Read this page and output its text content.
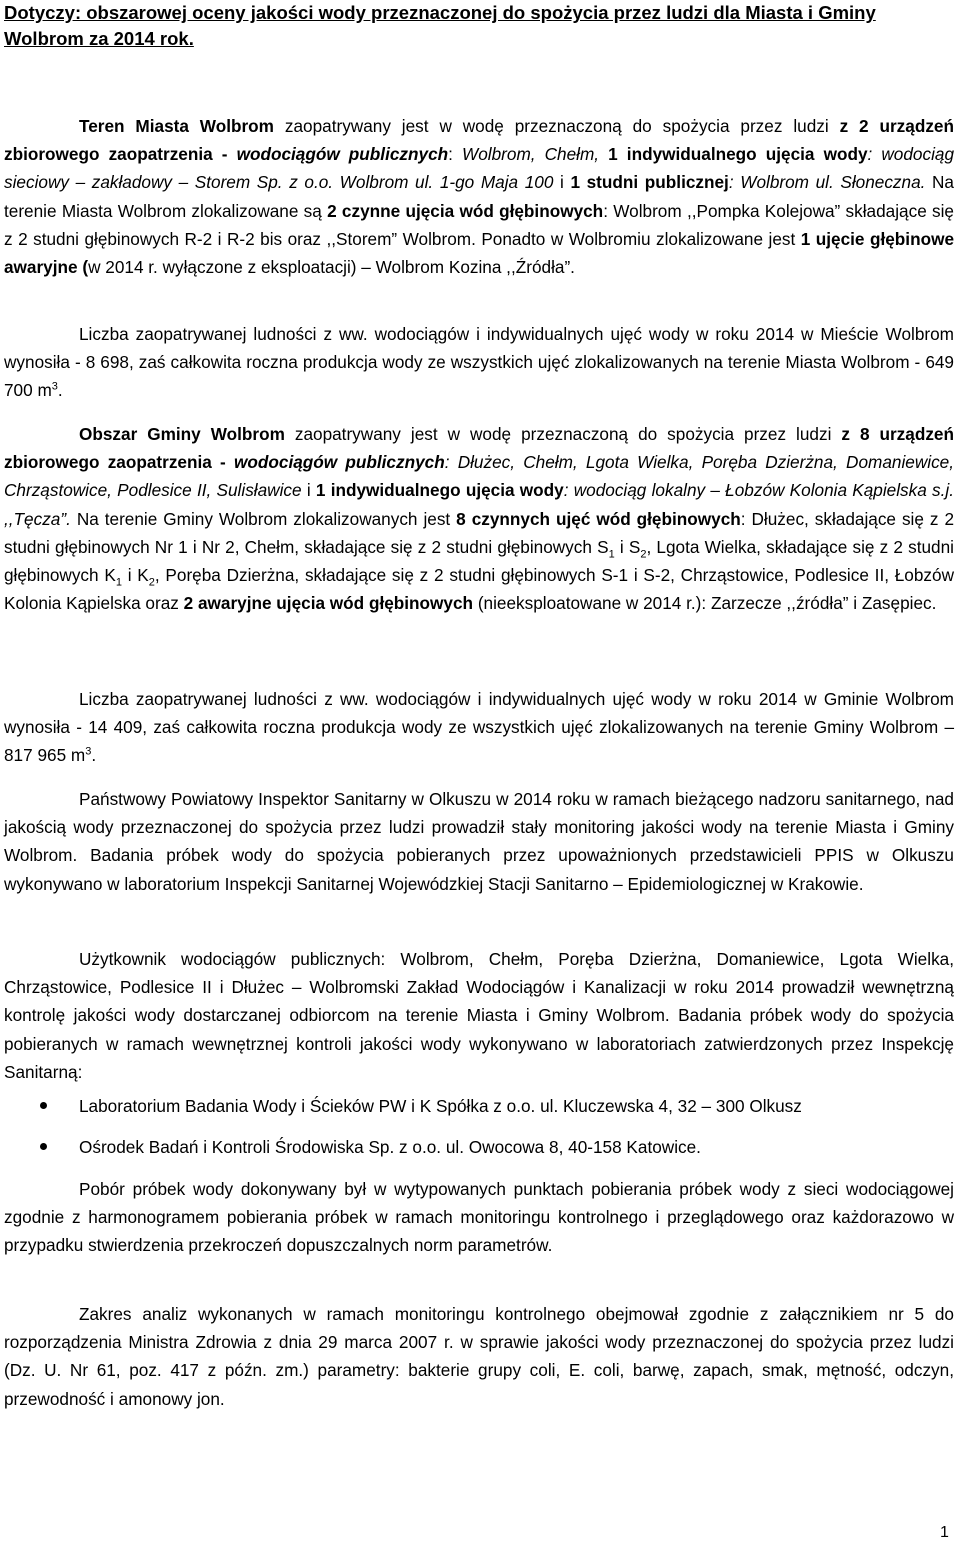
Dotyczy: obszarowej oceny jakości wody przeznaczonej do spożycia przez ludzi dla Miasta i Gminy Wolbrom za 2014 rok.
Teren Miasta Wolbrom zaopatrywany jest w wodę przeznaczoną do spożycia przez ludzi z 2 urządzeń zbiorowego zaopatrzenia - wodociągów publicznych: Wolbrom, Chełm, 1 indywidualnego ujęcia wody: wodociąg sieciowy – zakładowy – Storem Sp. z o.o. Wolbrom ul. 1-go Maja 100 i 1 studni publicznej: Wolbrom ul. Słoneczna. Na terenie Miasta Wolbrom zlokalizowane są 2 czynne ujęcia wód głębinowych: Wolbrom ,,Pompka Kolejowa” składające się z 2 studni głębinowych R-2 i R-2 bis oraz ,,Storem” Wolbrom. Ponadto w Wolbromiu zlokalizowane jest 1 ujęcie głębinowe awaryjne (w 2014 r. wyłączone z eksploatacji) – Wolbrom Kozina ,,Źródła”.
Liczba zaopatrywanej ludności z ww. wodociągów i indywidualnych ujęć wody w roku 2014 w Mieście Wolbrom wynosiła - 8 698, zaś całkowita roczna produkcja wody ze wszystkich ujęć zlokalizowanych na terenie Miasta Wolbrom - 649 700 $m^3$.
Obszar Gminy Wolbrom zaopatrywany jest w wodę przeznaczoną do spożycia przez ludzi z 8 urządzeń zbiorowego zaopatrzenia - wodociągów publicznych: Dłużec, Chełm, Lgota Wielka, Poręba Dzierżna, Domaniewice, Chrząstowice, Podlesice II, Sulisławice i 1 indywidualnego ujęcia wody: wodociąg lokalny – Łobzów Kolonia Kąpielska s.j. ,,Tęcza”. Na terenie Gminy Wolbrom zlokalizowanych jest 8 czynnych ujęć wód głębinowych: Dłużec, składające się z 2 studni głębinowych Nr 1 i Nr 2, Chełm, składające się z 2 studni głębinowych $S_1$ i $S_2$, Lgota Wielka, składające się z 2 studni głębinowych $K_1$ i $K_2$, Poręba Dzierżna, składające się z 2 studni głębinowych S-1 i S-2, Chrząstowice, Podlesice II, Łobzów Kolonia Kąpielska oraz 2 awaryjne ujęcia wód głębinowych (nieeksploatowane w 2014 r.): Zarzecze ,,źródła” i Zasępiec.
Liczba zaopatrywanej ludności z ww. wodociągów i indywidualnych ujęć wody w roku 2014 w Gminie Wolbrom wynosiła - 14 409, zaś całkowita roczna produkcja wody ze wszystkich ujęć zlokalizowanych na terenie Gminy Wolbrom – 817 965 $m^3$.
Państwowy Powiatowy Inspektor Sanitarny w Olkuszu w 2014 roku w ramach bieżącego nadzoru sanitarnego, nad jakością wody przeznaczonej do spożycia przez ludzi prowadził stały monitoring jakości wody na terenie Miasta i Gminy Wolbrom. Badania próbek wody do spożycia pobieranych przez upoważnionych przedstawicieli PPIS w Olkuszu wykonywano w laboratorium Inspekcji Sanitarnej Wojewódzkiej Stacji Sanitarno – Epidemiologicznej w Krakowie.
Użytkownik wodociągów publicznych: Wolbrom, Chełm, Poręba Dzierżna, Domaniewice, Lgota Wielka, Chrząstowice, Podlesice II i Dłużec – Wolbromski Zakład Wodociągów i Kanalizacji w roku 2014 prowadził wewnętrzną kontrolę jakości wody dostarczanej odbiorcom na terenie Miasta i Gminy Wolbrom. Badania próbek wody do spożycia pobieranych w ramach wewnętrznej kontroli jakości wody wykonywano w laboratoriach zatwierdzonych przez Inspekcję Sanitarną:
Laboratorium Badania Wody i Ścieków PW i K Spółka z o.o. ul. Kluczewska 4, 32 – 300 Olkusz
Ośrodek Badań i Kontroli Środowiska Sp. z o.o. ul. Owocowa 8, 40-158 Katowice.
Pobór próbek wody dokonywany był w wytypowanych punktach pobierania próbek wody z sieci wodociągowej zgodnie z harmonogramem pobierania próbek w ramach monitoringu kontrolnego i przeglądowego oraz każdorazowo w przypadku stwierdzenia przekroczeń dopuszczalnych norm parametrów.
Zakres analiz wykonanych w ramach monitoringu kontrolnego obejmował zgodnie z załącznikiem nr 5 do rozporządzenia Ministra Zdrowia z dnia 29 marca 2007 r. w sprawie jakości wody przeznaczonej do spożycia przez ludzi (Dz. U. Nr 61, poz. 417 z późn. zm.) parametry: bakterie grupy coli, E. coli, barwę, zapach, smak, mętność, odczyn, przewodność i amonowy jon.
1
